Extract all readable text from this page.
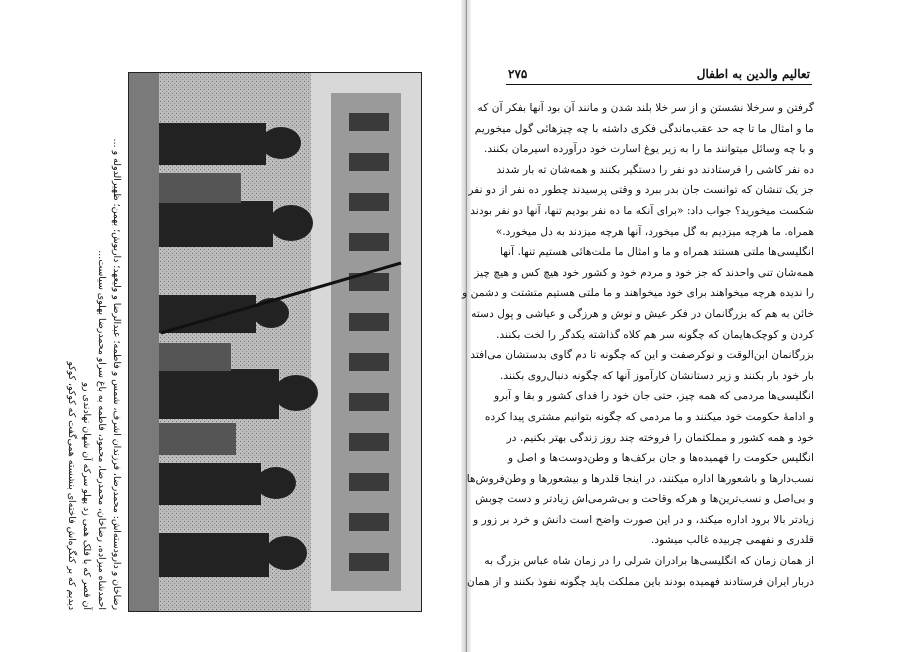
۲۷۵	تعالیم والدین به اطفال
گرفتن و سرخلا نشستن و از سر خلا بلند شدن و مانند آن بود آنها بفکر آن که
ما و امثال ما تا چه حد عقب‌ماندگی فکری داشته با چه چیزهائی گول میخوریم
و با چه وسائل میتوانند ما را به زیر یوغ اسارت خود درآورده اسیرمان بکنند.
ده نفر کاشی را فرستادند دو نفر را دستگیر بکنند و همه‌شان ته بار شدند
جز یک تنشان که توانست جان بدر ببرد و وقتی پرسیدند چطور ده نفر از دو نفر
شکست میخورید؟ جواب داد: «برای آنکه ما ده نفر بودیم تنها، آنها دو نفر بودند
همراه. ما هرچه میزدیم به گل میخورد، آنها هرچه میزدند به دل میخورد.»
انگلیسی‌ها ملتی هستند همراه و ما و امثال ما ملت‌هائی هستیم تنها. آنها
همه‌شان تنی واحدند که جز خود و مردم خود و کشور خود هیچ کس و هیچ چیز
را ندیده هرچه میخواهند برای خود میخواهند و ما ملتی هستیم متشتت و دشمن و
خائن به هم که بزرگانمان در فکر عیش و نوش و هرزگی و عیاشی و پول دسته
کردن و کوچک‌هایمان که چگونه سر هم کلاه گذاشته یکدگر را لخت بکنند.
بزرگانمان ابن‌الوقت و نوکرصفت و این که چگونه تا دم گاوی بدستشان می‌افتد
بار خود بار بکنند و زیر دستانشان کارآموز آنها که چگونه دنبال‌روی بکنند.
انگلیسی‌ها مردمی که همه چیز، حتی جان خود را فدای کشور و بقا و آبرو
و ادامهٔ حکومت خود میکنند و ما مردمی که چگونه بتوانیم مشتری پیدا کرده
خود و همه کشور و مملکتمان را فروخته چند روز زندگی بهتر بکنیم. در
انگلیس حکومت را فهمیده‌ها و جان برکف‌ها و وطن‌دوست‌ها و اصل و
نسب‌دارها و باشعورها اداره میکنند، در اینجا قلدرها و بیشعورها و وطن‌فروش‌ها
و بی‌اصل و نسب‌ترین‌ها و هرکه وقاحت و بی‌شرمی‌اش زیادتر و دست چوبش
زیادتر بالا برود اداره میکند، و در این صورت واضح است دانش و خرد بر زور و
قلدری و نفهمی چربیده غالب میشود.
از همان زمان که انگلیسی‌ها برادران شرلی را در زمان شاه عباس بزرگ به
دربار ایران فرستادند فهمیده بودند باین مملکت باید چگونه نفوذ بکنند و از همان
رضاخان و دارودسته‌اش: محمدرضا، فرزندان اشرف، شمس و فاطمه؛ عبدالرضا و ولیعهد؛ داریوش؛ بهمن؛ ظهیرالدوله و ...
احمدشاه میزاده، رضاخان، محمدرضا، محمود، فاطمه به باغ سراو محمدرضا بهلوی سیاست...
آن قصر که با فلک همی زد پهلو سرکه آن شهان نهادندی رو
دیدیم که بر کنگره‌اش فاخته‌ای بنشسته همی‌گفت که کوکو، کوکو
